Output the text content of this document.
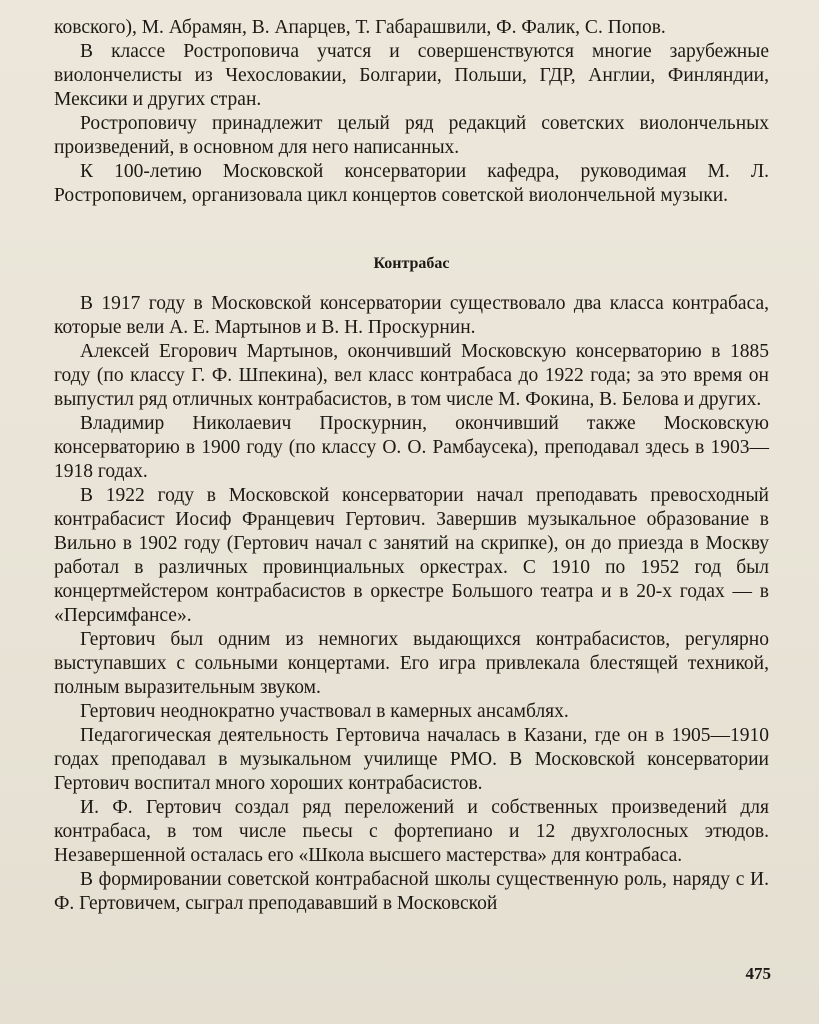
ковского), М. Абрамян, В. Апарцев, Т. Габарашвили, Ф. Фалик, С. Попов.

В классе Ростроповича учатся и совершенствуются многие зарубежные виолончелисты из Чехословакии, Болгарии, Польши, ГДР, Англии, Финляндии, Мексики и других стран.

Ростроповичу принадлежит целый ряд редакций советских виолончельных произведений, в основном для него написанных.

К 100-летию Московской консерватории кафедра, руководимая М. Л. Ростроповичем, организовала цикл концертов советской виолончельной музыки.

Контрабас

В 1917 году в Московской консерватории существовало два класса контрабаса, которые вели А. Е. Мартынов и В. Н. Проскурнин.

Алексей Егорович Мартынов, окончивший Московскую консерваторию в 1885 году (по классу Г. Ф. Шпекина), вел класс контрабаса до 1922 года; за это время он выпустил ряд отличных контрабасистов, в том числе М. Фокина, В. Белова и других.

Владимир Николаевич Проскурнин, окончивший также Московскую консерваторию в 1900 году (по классу О. О. Рамбаусека), преподавал здесь в 1903—1918 годах.

В 1922 году в Московской консерватории начал преподавать превосходный контрабасист Иосиф Францевич Гертович. Завершив музыкальное образование в Вильно в 1902 году (Гертович начал с занятий на скрипке), он до приезда в Москву работал в различных провинциальных оркестрах. С 1910 по 1952 год был концертмейстером контрабасистов в оркестре Большого театра и в 20-х годах — в «Персимфансе».

Гертович был одним из немногих выдающихся контрабасистов, регулярно выступавших с сольными концертами. Его игра привлекала блестящей техникой, полным выразительным звуком.

Гертович неоднократно участвовал в камерных ансамблях.

Педагогическая деятельность Гертовича началась в Казани, где он в 1905—1910 годах преподавал в музыкальном училище РМО. В Московской консерватории Гертович воспитал много хороших контрабасистов.

И. Ф. Гертович создал ряд переложений и собственных произведений для контрабаса, в том числе пьесы с фортепиано и 12 двухголосных этюдов. Незавершенной осталась его «Школа высшего мастерства» для контрабаса.

В формировании советской контрабасной школы существенную роль, наряду с И. Ф. Гертовичем, сыграл преподававший в Московской

475
